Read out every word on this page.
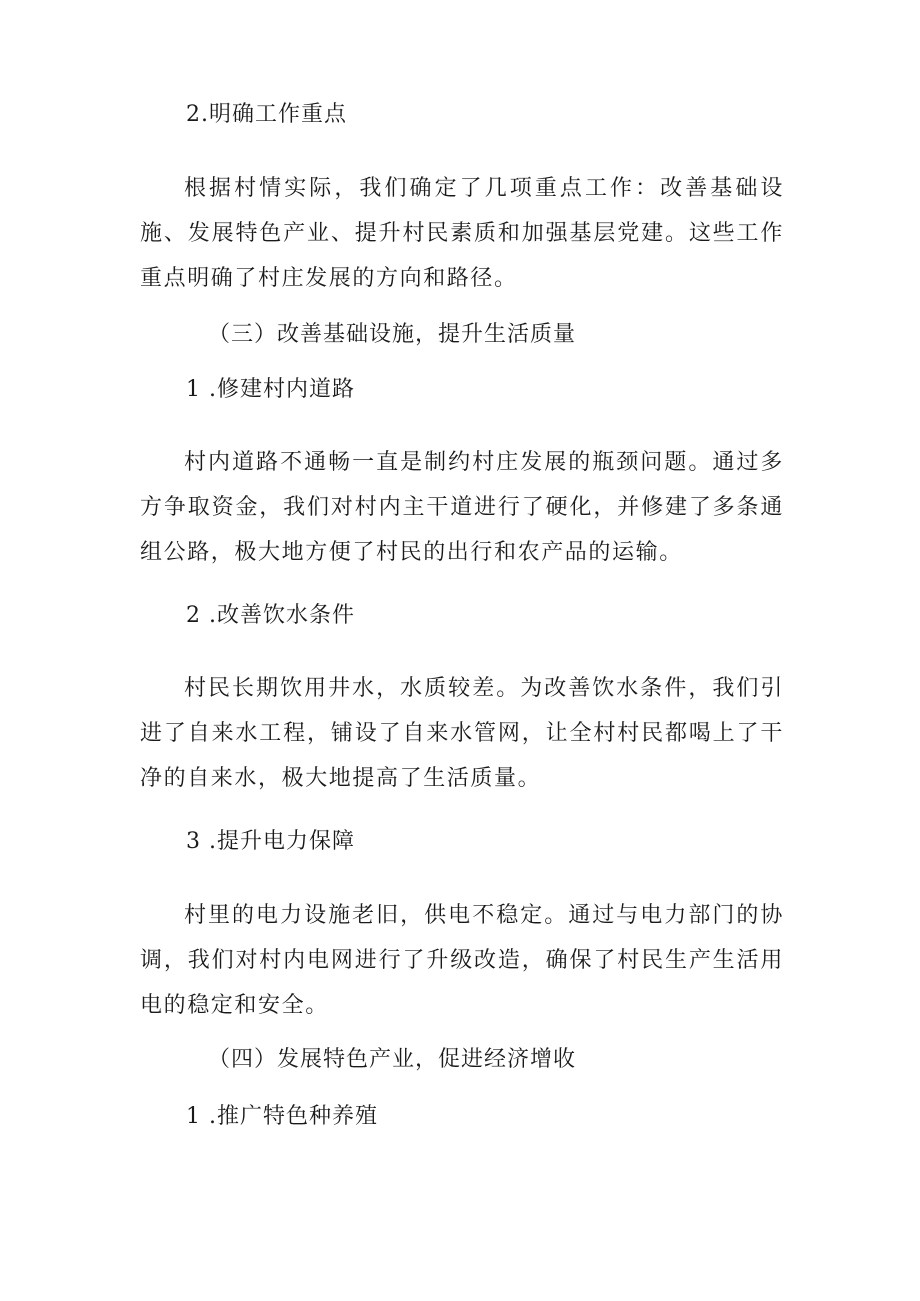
2.明确工作重点

根据村情实际，我们确定了几项重点工作：改善基础设施、发展特色产业、提升村民素质和加强基层党建。这些工作重点明确了村庄发展的方向和路径。

（三）改善基础设施，提升生活质量

1 .修建村内道路

村内道路不通畅一直是制约村庄发展的瓶颈问题。通过多方争取资金，我们对村内主干道进行了硬化，并修建了多条通组公路，极大地方便了村民的出行和农产品的运输。

2 .改善饮水条件

村民长期饮用井水，水质较差。为改善饮水条件，我们引进了自来水工程，铺设了自来水管网，让全村村民都喝上了干净的自来水，极大地提高了生活质量。

3 .提升电力保障

村里的电力设施老旧，供电不稳定。通过与电力部门的协调，我们对村内电网进行了升级改造，确保了村民生产生活用电的稳定和安全。

（四）发展特色产业，促进经济增收

1 .推广特色种养殖
